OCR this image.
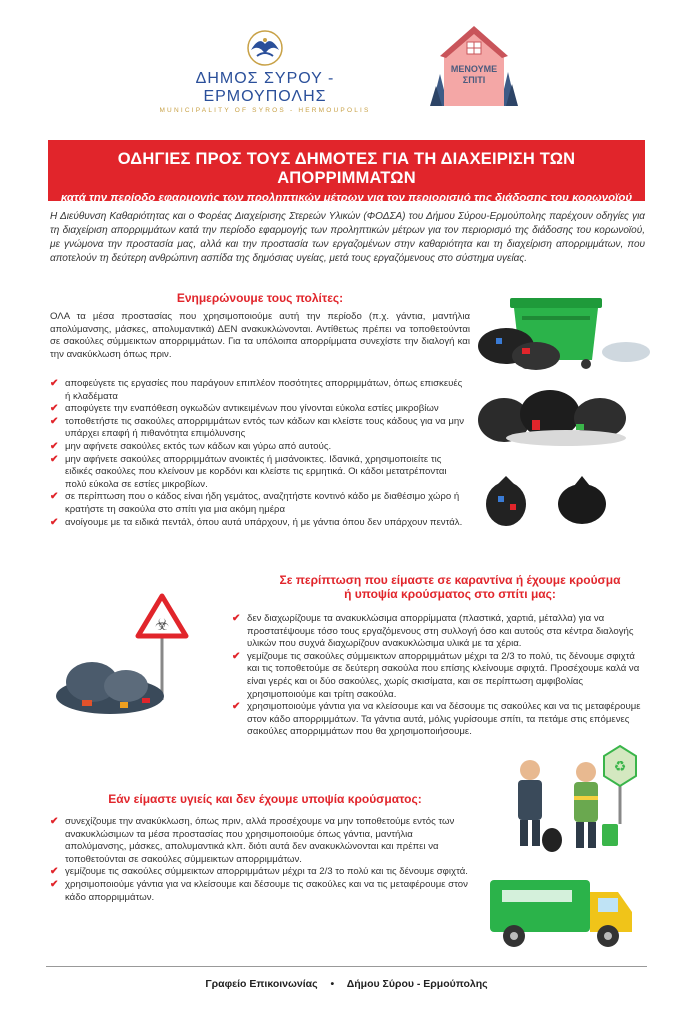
ΔΗΜΟΣ ΣΥΡΟΥ - ΕΡΜΟΥΠΟΛΗΣ
MUNICIPALITY OF SYROS - HERMOUPOLIS
ΜΕΝΟΥΜΕ
ΣΠΙΤΙ
ΟΔΗΓΙΕΣ ΠΡΟΣ ΤΟΥΣ ΔΗΜΟΤΕΣ ΓΙΑ ΤΗ ΔΙΑΧΕΙΡΙΣΗ ΤΩΝ ΑΠΟΡΡΙΜΜΑΤΩΝ
κατά την περίοδο εφαρμογής των προληπτικών μέτρων για τον περιορισμό της διάδοσης του κορωνοϊού
Η Διεύθυνση Καθαριότητας και ο Φορέας Διαχείρισης Στερεών Υλικών (ΦΟΔΣΑ) του Δήμου Σύρου-Ερμούπολης παρέχουν οδηγίες για τη διαχείριση απορριμμάτων κατά την περίοδο εφαρμογής των προληπτικών μέτρων για τον περιορισμό της διάδοσης του κορωνοϊού, με γνώμονα την προστασία μας, αλλά και την προστασία των εργαζομένων στην καθαριότητα και τη διαχείριση απορριμμάτων, που αποτελούν τη δεύτερη ανθρώπινη ασπίδα της δημόσιας υγείας, μετά τους εργαζόμενους στο σύστημα υγείας.
Ενημερώνουμε τους πολίτες:
ΟΛΑ τα μέσα προστασίας που χρησιμοποιούμε αυτή την περίοδο (π.χ. γάντια, μαντήλια απολύμανσης, μάσκες, απολυμαντικά) ΔΕΝ ανακυκλώνονται. Αντίθετως πρέπει να τοποθετούνται σε σακούλες σύμμεικτων απορριμμάτων. Για τα υπόλοιπα απορρίμματα συνεχίστε την διαλογή και την ανακύκλωση όπως πριν.
✔ αποφεύγετε τις εργασίες που παράγουν επιπλέον ποσότητες απορριμμάτων, όπως επισκευές ή κλαδέματα
✔ αποφύγετε την εναπόθεση ογκωδών αντικειμένων που γίνονται εύκολα εστίες μικροβίων
✔ τοποθετήστε τις σακούλες απορριμμάτων εντός των κάδων και κλείστε τους κάδους για να μην υπάρχει επαφή ή πιθανότητα επιμόλυνσης
✔ μην αφήνετε σακούλες εκτός των κάδων και γύρω από αυτούς.
✔ μην αφήνετε σακούλες απορριμμάτων ανοικτές ή μισάνοικτες. Ιδανικά, χρησιμοποιείτε τις ειδικές σακούλες που κλείνουν με κορδόνι και κλείστε τις ερμητικά. Οι κάδοι μετατρέπονται πολύ εύκολα σε εστίες μικροβίων.
✔ σε περίπτωση που ο κάδος είναι ήδη γεμάτος, αναζητήστε κοντινό κάδο με διαθέσιμο χώρο ή κρατήστε τη σακούλα στο σπίτι για μια ακόμη ημέρα
✔ ανοίγουμε με τα ειδικά πεντάλ, όπου αυτά υπάρχουν, ή με γάντια όπου δεν υπάρχουν πεντάλ.
Σε περίπτωση που είμαστε σε καραντίνα ή έχουμε κρούσμα
ή υποψία κρούσματος στο σπίτι μας:
☣	✔ δεν διαχωρίζουμε τα ανακυκλώσιμα απορρίμματα (πλαστικά, χαρτιά, μέταλλα) για να προστατέψουμε τόσο τους εργαζόμενους στη συλλογή όσο και αυτούς στα κέντρα διαλογής υλικών που συχνά διαχωρίζουν ανακυκλώσιμα υλικά με τα χέρια.
✔ γεμίζουμε τις σακούλες σύμμεικτων απορριμμάτων μέχρι τα 2/3 το πολύ, τις δένουμε σφιχτά και τις τοποθετούμε σε δεύτερη σακούλα που επίσης κλείνουμε σφιχτά. Προσέχουμε καλά να είναι γερές και οι δύο σακούλες, χωρίς σκισίματα, και σε περίπτωση αμφιβολίας χρησιμοποιούμε και τρίτη σακούλα.
✔ χρησιμοποιούμε γάντια για να κλείσουμε και να δέσουμε τις σακούλες και να τις μεταφέρουμε στον κάδο απορριμμάτων. Τα γάντια αυτά, μόλις γυρίσουμε σπίτι, τα πετάμε στις επόμενες σακούλες απορριμμάτων που θα χρησιμοποιήσουμε.
Εάν είμαστε υγιείς και δεν έχουμε υποψία κρούσματος:
✔ συνεχίζουμε την ανακύκλωση, όπως πριν, αλλά προσέχουμε να μην τοποθετούμε εντός των ανακυκλώσιμων τα μέσα προστασίας που χρησιμοποιούμε όπως γάντια, μαντήλια απολύμανσης, μάσκες, απολυμαντικά κλπ. διότι αυτά δεν ανακυκλώνονται και πρέπει να τοποθετούνται σε σακούλες σύμμεικτων απορριμμάτων.
✔ γεμίζουμε τις σακούλες σύμμεικτων απορριμμάτων μέχρι τα 2/3 το πολύ και τις δένουμε σφιχτά.
✔ χρησιμοποιούμε γάντια για να κλείσουμε και δέσουμε τις σακούλες και να τις μεταφέρουμε στον κάδο απορριμμάτων.
♻
Γραφείο Επικοινωνίας • Δήμου Σύρου - Ερμούπολης
